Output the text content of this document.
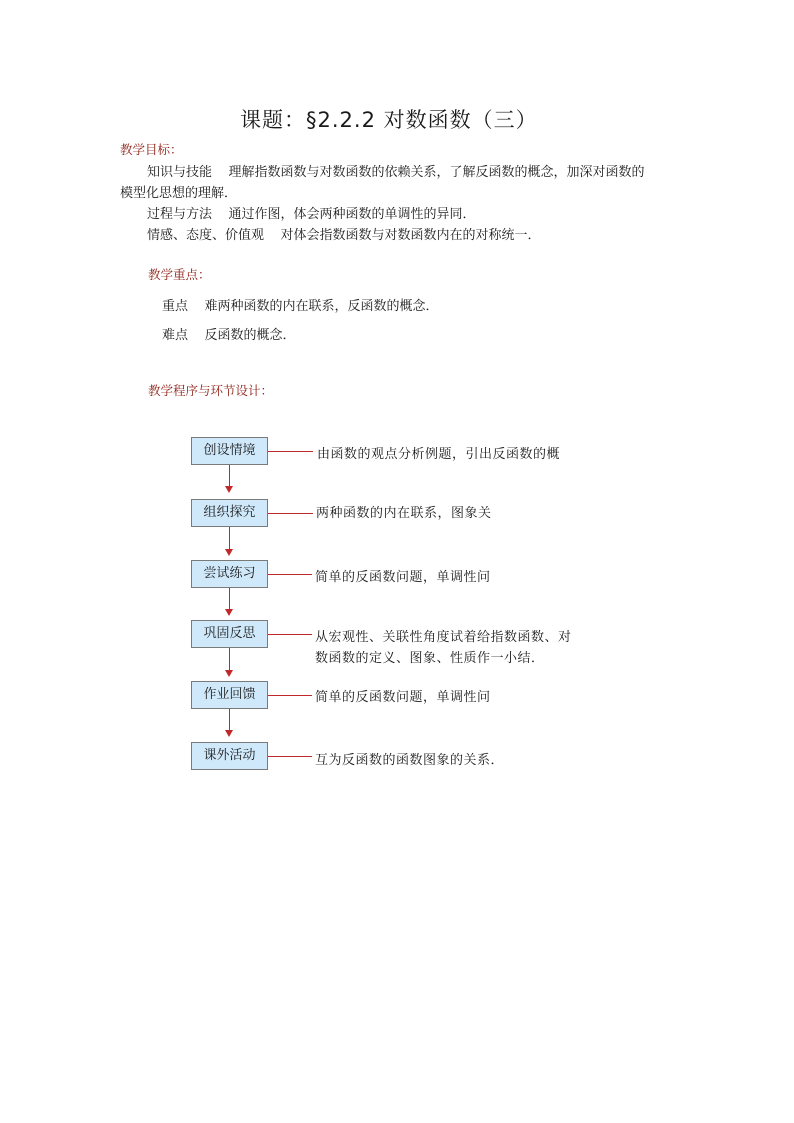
课题：§2.2.2 对数函数（三）
教学目标：
知识与技能 理解指数函数与对数函数的依赖关系，了解反函数的概念，加深对函数的
模型化思想的理解．
过程与方法 通过作图，体会两种函数的单调性的异同．
情感、态度、价值观 对体会指数函数与对数函数内在的对称统一．
教学重点：
重点 难两种函数的内在联系，反函数的概念．
难点 反函数的概念．
教学程序与环节设计：
创设情境	由函数的观点分析例题，引出反函数的概
组织探究	两种函数的内在联系，图象关
尝试练习	简单的反函数问题，单调性问
巩固反思	从宏观性、关联性角度试着给指数函数、对
数函数的定义、图象、性质作一小结．
作业回馈	简单的反函数问题，单调性问
课外活动	互为反函数的函数图象的关系．
